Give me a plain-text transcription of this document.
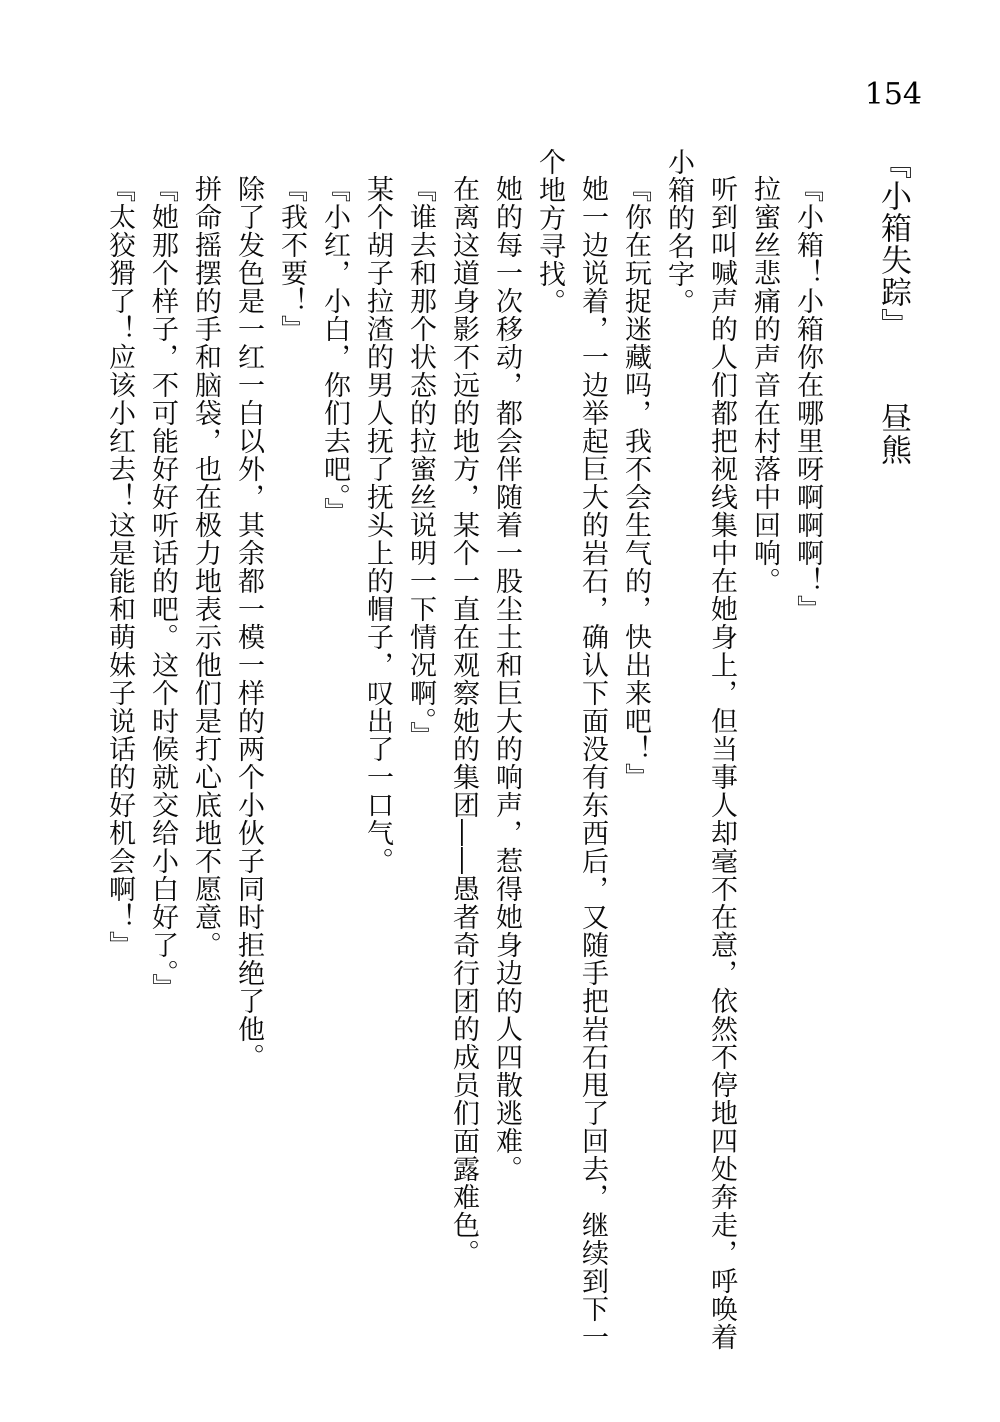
154

『小箱失踪』昼熊

『小箱！小箱你在哪里呀啊啊啊！』

拉蜜丝悲痛的声音在村落中回响。

听到叫喊声的人们都把视线集中在她身上，但当事人却毫不在意，依然不停地四处奔走，呼唤着小箱的名字。

『你在玩捉迷藏吗，我不会生气的，快出来吧！』

她一边说着，一边举起巨大的岩石，确认下面没有东西后，又随手把岩石甩了回去，继续到下一个地方寻找。

她的每一次移动，都会伴随着一股尘土和巨大的响声，惹得她身边的人四散逃难。

在离这道身影不远的地方，某个一直在观察她的集团——愚者奇行团的成员们面露难色。

『谁去和那个状态的拉蜜丝说明一下情况啊。』

某个胡子拉渣的男人抚了抚头上的帽子，叹出了一口气。

『小红，小白，你们去吧。』

『我不要！』

除了发色是一红一白以外，其余都一模一样的两个小伙子同时拒绝了他。

拼命摇摆的手和脑袋，也在极力地表示他们是打心底地不愿意。

『她那个样子，不可能好好听话的吧。这个时候就交给小白好了。』

『太狡猾了！应该小红去！这是能和萌妹子说话的好机会啊！』
